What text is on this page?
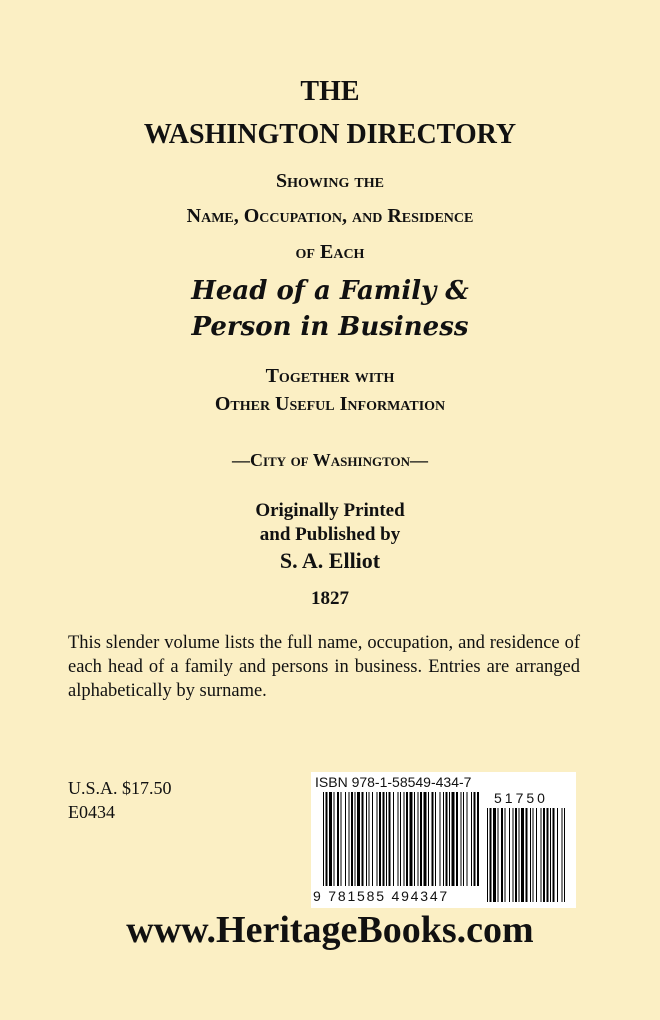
THE
WASHINGTON DIRECTORY
Showing the
Name, Occupation, and Residence
of Each
Head of a Family &
Person in Business
Together with
Other Useful Information
—City of Washington—
Originally Printed
and Published by
S. A. Elliot
1827
This slender volume lists the full name, occupation, and residence of each head of a family and persons in business. Entries are arranged alphabetically by surname.
U.S.A. $17.50
E0434
ISBN 978-1-58549-434-7
51750
9 781585 494347
www.HeritageBooks.com
